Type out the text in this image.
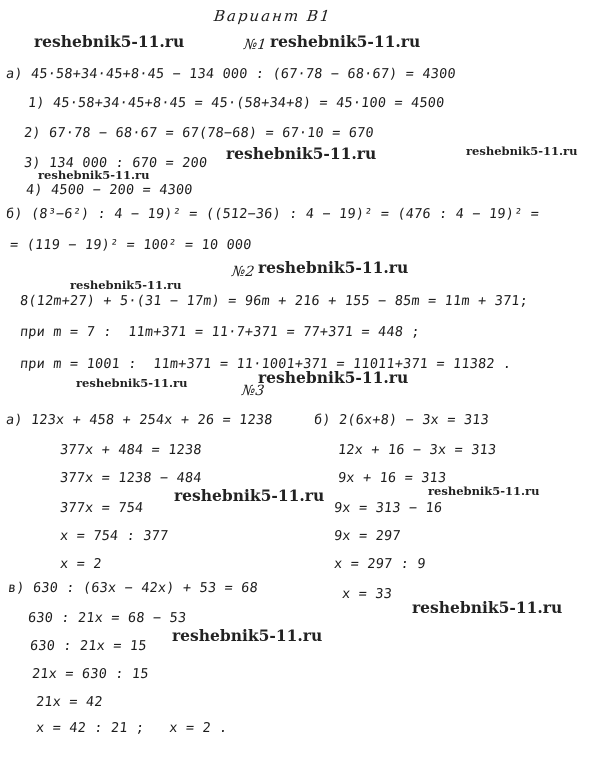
Вариант В1
№1
а) 45·58+34·45+8·45 − 134 000 : (67·78 − 68·67) = 4300
1) 45·58+34·45+8·45 = 45·(58+34+8) = 45·100 = 4500
2) 67·78 − 68·67 = 67(78−68) = 67·10 = 670
3) 134 000 : 670 = 200
4) 4500 − 200 = 4300
б) (8³−6²) : 4 − 19)² = ((512−36) : 4 − 19)² = (476 : 4 − 19)² =
= (119 − 19)² = 100² = 10 000
№2
8(12m+27) + 5·(31 − 17m) = 96m + 216 + 155 − 85m = 11m + 371;
при m = 7 :  11m+371 = 11·7+371 = 77+371 = 448 ;
при m = 1001 :  11m+371 = 11·1001+371 = 11011+371 = 11382 .
№3
а) 123x + 458 + 254x + 26 = 1238
377x + 484 = 1238
377x = 1238 − 484
377x = 754
x = 754 : 377
x = 2
б) 2(6x+8) − 3x = 313
12x + 16 − 3x = 313
9x + 16 = 313
9x = 313 − 16
9x = 297
x = 297 : 9
x = 33
в) 630 : (63x − 42x) + 53 = 68
630 : 21x = 68 − 53
630 : 21x = 15
21x = 630 : 15
21x = 42
x = 42 : 21 ;   x = 2 .
reshebnik5-11.ru	reshebnik5-11.ru
reshebnik5-11.ru	reshebnik5-11.ru
reshebnik5-11.ru
reshebnik5-11.ru
reshebnik5-11.ru
reshebnik5-11.ru
reshebnik5-11.ru
reshebnik5-11.ru	reshebnik5-11.ru
reshebnik5-11.ru
reshebnik5-11.ru
